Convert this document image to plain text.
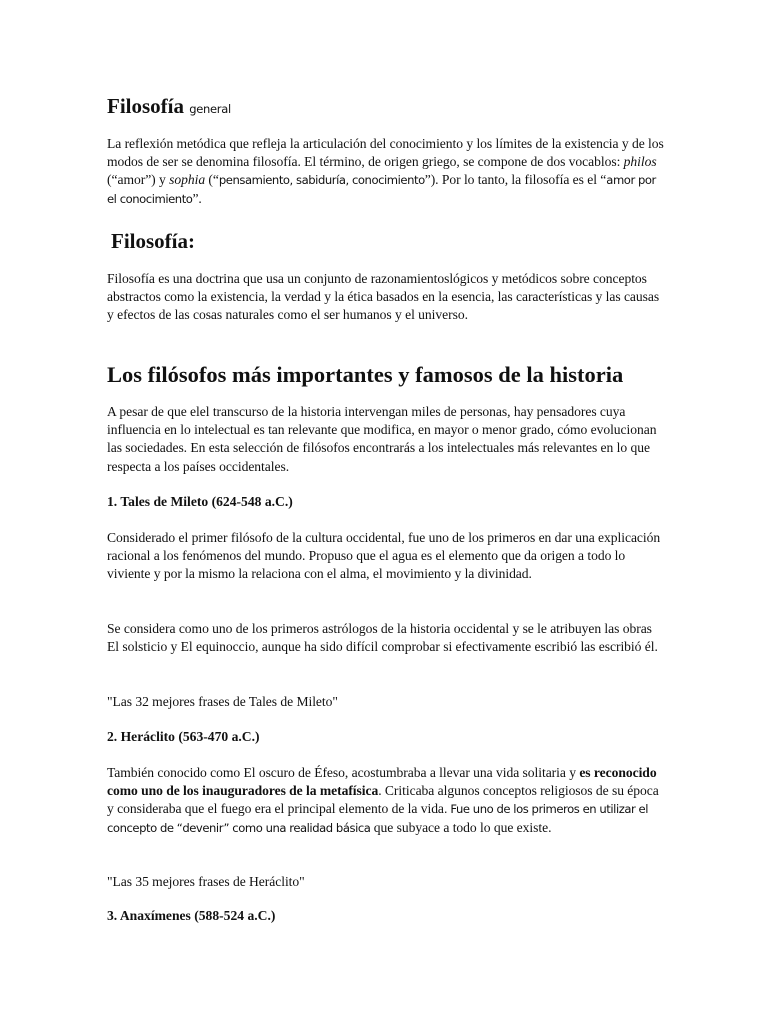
Filosofía general

La reflexión metódica que refleja la articulación del conocimiento y los límites de la existencia y de los modos de ser se denomina filosofía. El término, de origen griego, se compone de dos vocablos: philos (“amor”) y sophia (“pensamiento, sabiduría, conocimiento”). Por lo tanto, la filosofía es el “amor por el conocimiento”.

Filosofía:

Filosofía es una doctrina que usa un conjunto de razonamientoslógicos y metódicos sobre conceptos abstractos como la existencia, la verdad y la ética basados en la esencia, las características y las causas y efectos de las cosas naturales como el ser humanos y el universo.

Los filósofos más importantes y famosos de la historia

A pesar de que elel transcurso de la historia intervengan miles de personas, hay pensadores cuya influencia en lo intelectual es tan relevante que modifica, en mayor o menor grado, cómo evolucionan las sociedades. En esta selección de filósofos encontrarás a los intelectuales más relevantes en lo que respecta a los países occidentales.

1. Tales de Mileto (624-548 a.C.)

Considerado el primer filósofo de la cultura occidental, fue uno de los primeros en dar una explicación racional a los fenómenos del mundo. Propuso que el agua es el elemento que da origen a todo lo viviente y por la mismo la relaciona con el alma, el movimiento y la divinidad.

Se considera como uno de los primeros astrólogos de la historia occidental y se le atribuyen las obras El solsticio y El equinoccio, aunque ha sido difícil comprobar si efectivamente escribió las escribió él.

"Las 32 mejores frases de Tales de Mileto"

2. Heráclito (563-470 a.C.)

También conocido como El oscuro de Éfeso, acostumbraba a llevar una vida solitaria y es reconocido como uno de los inauguradores de la metafísica. Criticaba algunos conceptos religiosos de su época y consideraba que el fuego era el principal elemento de la vida. Fue uno de los primeros en utilizar el concepto de “devenir” como una realidad básica que subyace a todo lo que existe.

"Las 35 mejores frases de Heráclito"

3. Anaxímenes (588-524 a.C.)
